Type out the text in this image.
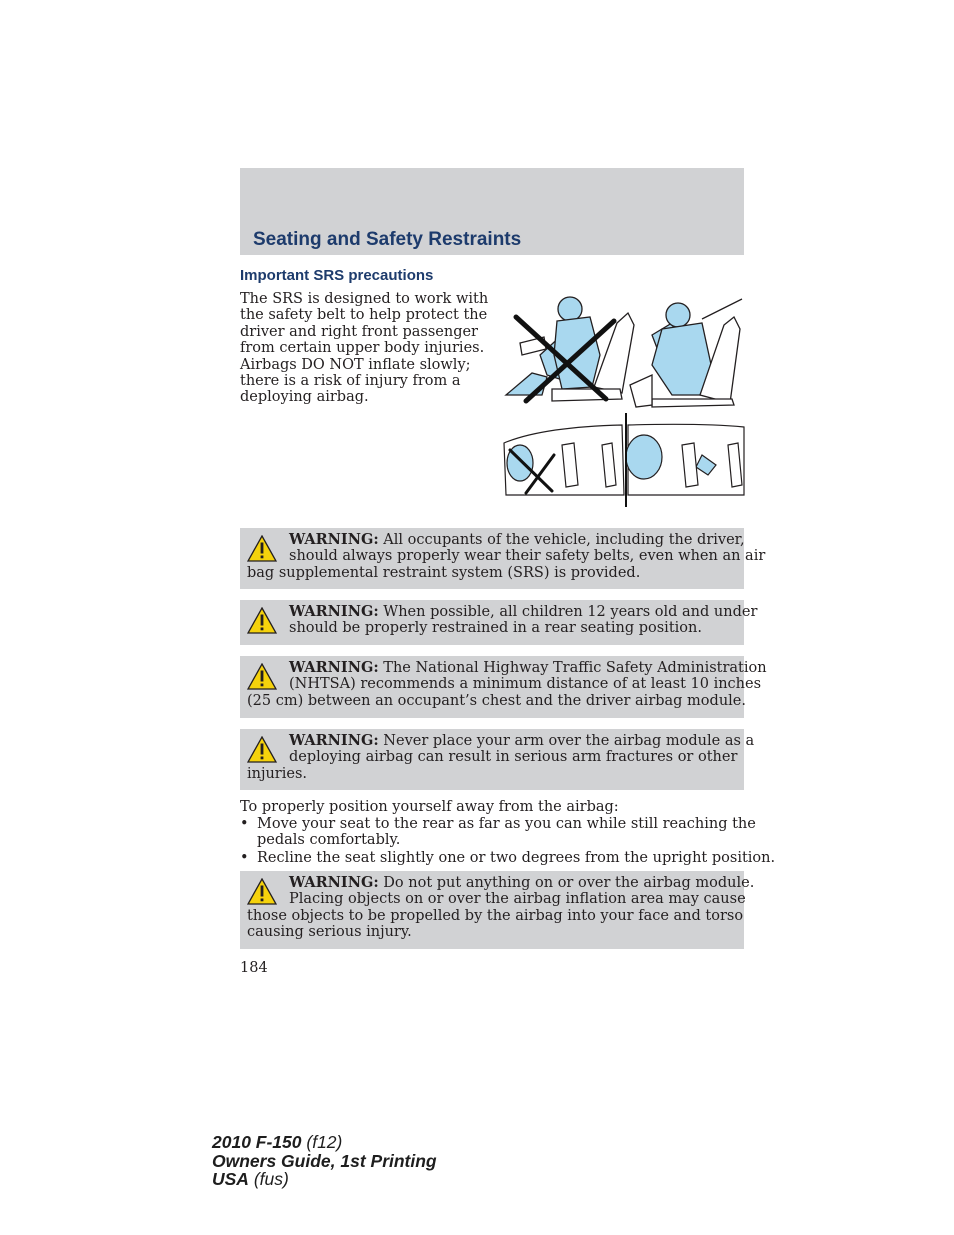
Seating and Safety Restraints
Important SRS precautions
The SRS is designed to work with
the safety belt to help protect the
driver and right front passenger
from certain upper body injuries.
Airbags DO NOT inflate slowly;
there is a risk of injury from a
deploying airbag.
WARNING: All occupants of the vehicle, including the driver,
should always properly wear their safety belts, even when an air
bag supplemental restraint system (SRS) is provided.
WARNING: When possible, all children 12 years old and under
should be properly restrained in a rear seating position.
WARNING: The National Highway Traffic Safety Administration
(NHTSA) recommends a minimum distance of at least 10 inches
(25 cm) between an occupant’s chest and the driver airbag module.
WARNING: Never place your arm over the airbag module as a
deploying airbag can result in serious arm fractures or other
injuries.
To properly position yourself away from the airbag:
• Move your seat to the rear as far as you can while still reaching the
pedals comfortably.
• Recline the seat slightly one or two degrees from the upright position.
WARNING: Do not put anything on or over the airbag module.
Placing objects on or over the airbag inflation area may cause
those objects to be propelled by the airbag into your face and torso
causing serious injury.
184
2010 F-150 (f12)
Owners Guide, 1st Printing
USA (fus)
